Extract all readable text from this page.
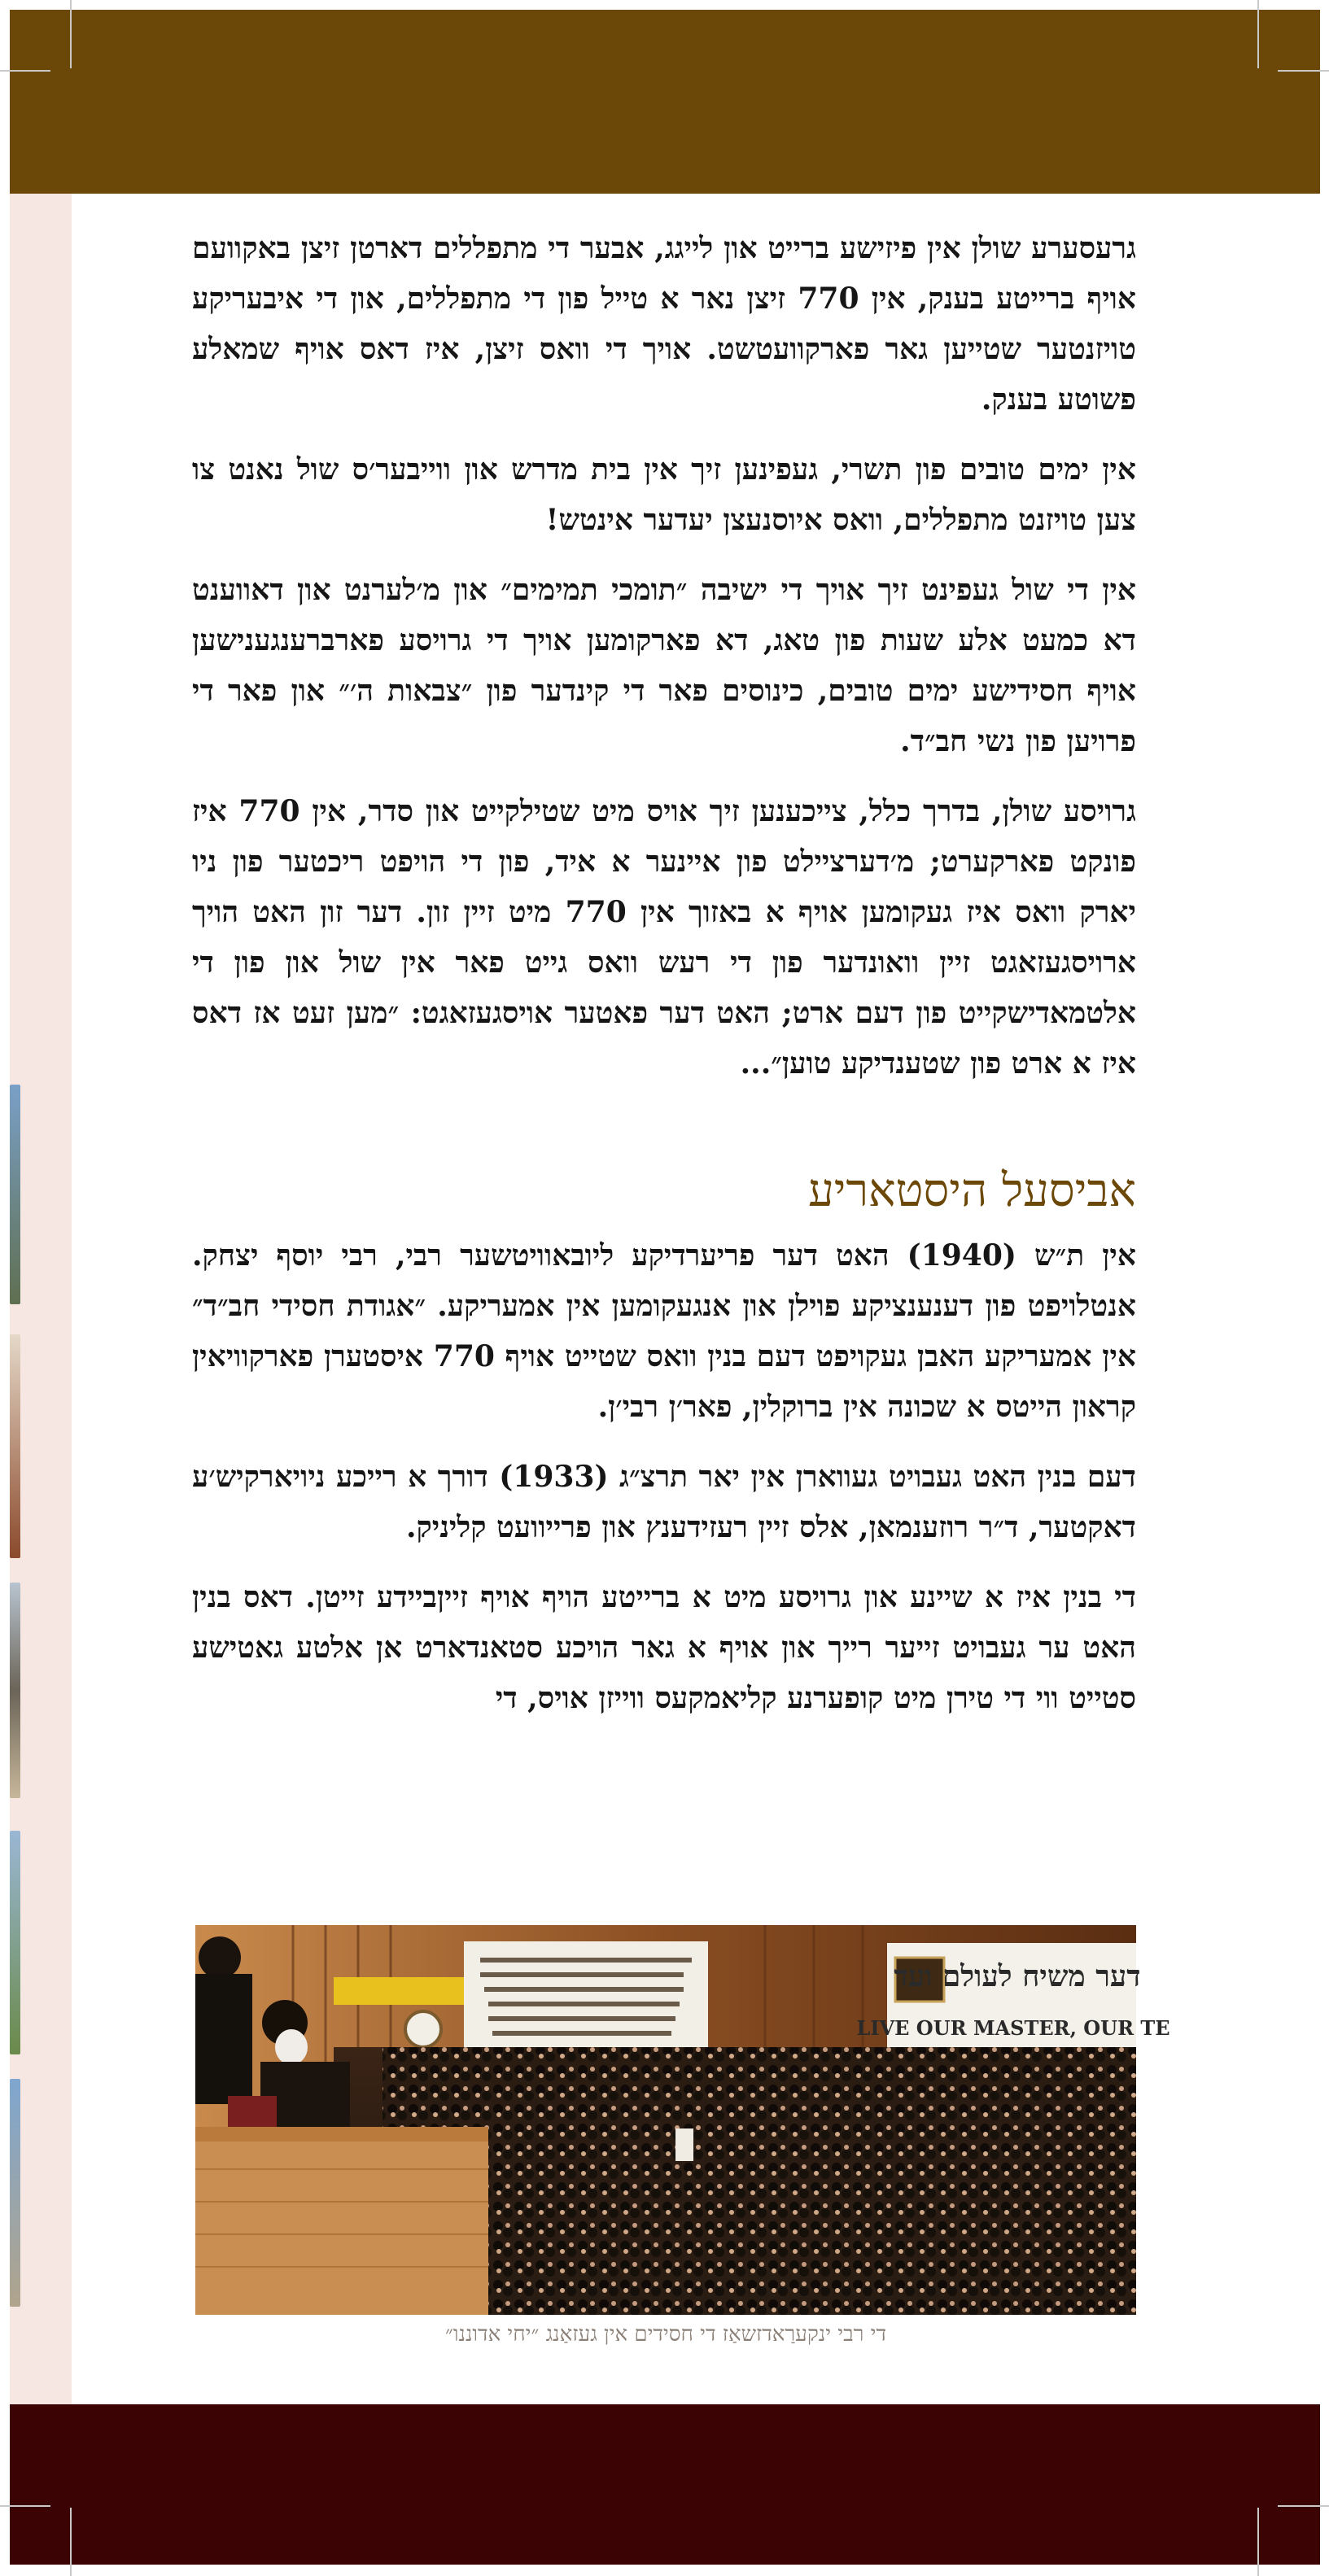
גרעסערע שולן אין פיזישע ברייט און לייגג, אבער די מתפללים דארטן זיצן באקוועם אויף ברייטע בענק, אין 770 זיצן נאר א טייל פון די מתפללים, און די איבעריקע טויזנטער שטייען גאר פארקוועטשט. אויך די וואס זיצן, איז דאס אויף שמאלע פשוטע בענק.

אין ימים טובים פון תשרי, געפינען זיך אין בית מדרש און ווייבער׳ס שול נאנט צו צען טויזנט מתפללים, וואס איוסנעצן יעדער אינטש!

אין די שול געפינט זיך אויך די ישיבה ״תומכי תמימים״ און מ׳לערנט און דאווענט דא כמעט אלע שעות פון טאג, דא פארקומען אויך די גרויסע פארברענגענישען אויף חסידישע ימים טובים, כינוסים פאר די קינדער פון ״צבאות ה׳״ און פאר די פרויען פון נשי חב״ד.

גרויסע שולן, בדרך כלל, צייכענען זיך אויס מיט שטילקייט און סדר, אין 770 איז פונקט פארקערט; מ׳דערציילט פון איינער א איד, פון די הויפט ריכטער פון ניו יארק וואס איז געקומען אויף א באזוך אין 770 מיט זיין זון. דער זון האט הויך ארויסגעזאגט זיין וואונדער פון די רעש וואס גייט פאר אין שול און פון די אלטמאדישקייט פון דעם ארט; האט דער פאטער אויסגעזאגט: ״מען זעט אז דאס איז א ארט פון שטענדיקע טוען״...

אביסעל היסטאריע

אין ת״ש (1940) האט דער פריערדיקע ליובאוויטשער רבי, רבי יוסף יצחק. אנטלויפט פון דענענציקע פוילן און אנגעקומען אין אמעריקע. ״אגודת חסידי חב״ד״ אין אמעריקע האבן געקויפט דעם בנין וואס שטייט אויף 770 איסטערן פארקוויאין קראון הייטס א שכונה אין ברוקלין, פאר׳ן רבי׳ן.

דעם בנין האט געבויט געווארן אין יאר תרצ״ג (1933) דורך א רייכע ניויארקיש׳ע דאקטער, ד״ר רוזענמאן, אלס זיין רעזידענץ און פרייוועט קליניק.

די בנין איז א שיינע און גרויסע מיט א ברייטע הויף אויף זייןביידע זייטן. דאס בנין האט ער געבויט זייער רייך און אויף א גאר הויכע סטאנדארט אן אלטע גאטישע סטייט ווי די טירן מיט קופערנע קליאמקעס ווייזן אויס, די

דער משיח לעולם ועד
LIVE OUR MASTER, OUR TE
די רבי ינקערַאדזשאַז די חסידים אין געזאַנג ״יחי אדוננו״
